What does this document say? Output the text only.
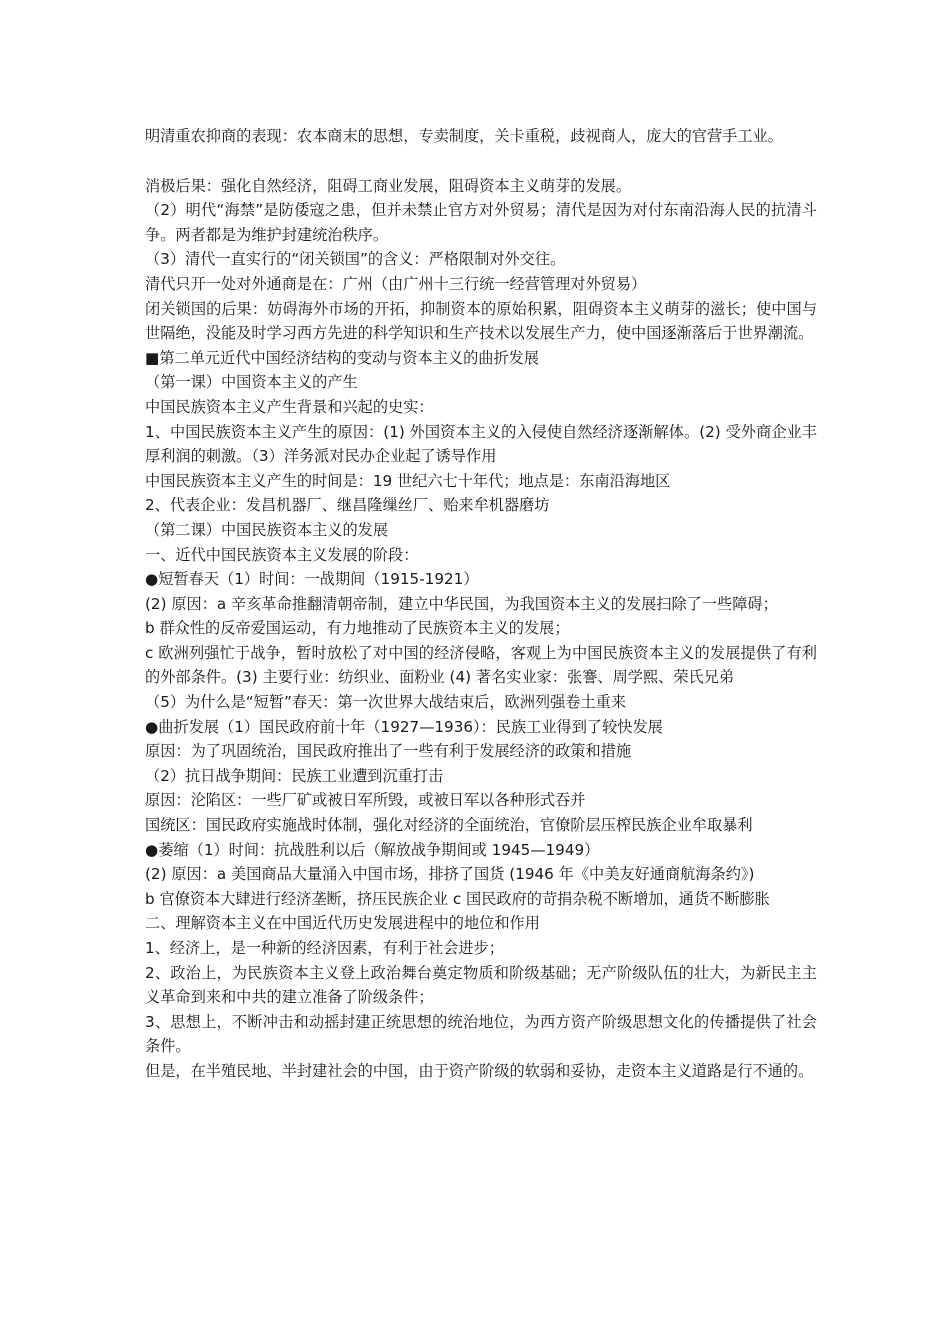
明清重农抑商的表现：农本商末的思想，专卖制度，关卡重税，歧视商人，庞大的官营手工业。

消极后果：强化自然经济，阻碍工商业发展，阻碍资本主义萌芽的发展。

（2）明代“海禁”是防倭寇之患，但并未禁止官方对外贸易；清代是因为对付东南沿海人民的抗清斗争。两者都是为维护封建统治秩序。

（3）清代一直实行的“闭关锁国”的含义：严格限制对外交往。

清代只开一处对外通商是在：广州（由广州十三行统一经营管理对外贸易）

闭关锁国的后果：妨碍海外市场的开拓，抑制资本的原始积累，阻碍资本主义萌芽的滋长；使中国与世隔绝，没能及时学习西方先进的科学知识和生产技术以发展生产力，使中国逐渐落后于世界潮流。

■第二单元近代中国经济结构的变动与资本主义的曲折发展

（第一课）中国资本主义的产生

中国民族资本主义产生背景和兴起的史实：

1、中国民族资本主义产生的原因：(1) 外国资本主义的入侵使自然经济逐渐解体。(2) 受外商企业丰厚利润的刺激。（3）洋务派对民办企业起了诱导作用

中国民族资本主义产生的时间是：19 世纪六七十年代；地点是：东南沿海地区

2、代表企业：发昌机器厂、继昌隆缫丝厂、贻来牟机器磨坊

（第二课）中国民族资本主义的发展

一、近代中国民族资本主义发展的阶段：

●短暂春天（1）时间：一战期间（1915-1921）

(2) 原因：a 辛亥革命推翻清朝帝制，建立中华民国，为我国资本主义的发展扫除了一些障碍；

b 群众性的反帝爱国运动，有力地推动了民族资本主义的发展；

c 欧洲列强忙于战争，暂时放松了对中国的经济侵略，客观上为中国民族资本主义的发展提供了有利的外部条件。(3) 主要行业：纺织业、面粉业 (4) 著名实业家：张謇、周学熙、荣氏兄弟

（5）为什么是“短暂”春天：第一次世界大战结束后，欧洲列强卷土重来

●曲折发展（1）国民政府前十年（1927—1936）：民族工业得到了较快发展

原因：为了巩固统治，国民政府推出了一些有利于发展经济的政策和措施

（2）抗日战争期间：民族工业遭到沉重打击

原因：沦陷区：一些厂矿或被日军所毁，或被日军以各种形式吞并

国统区：国民政府实施战时体制，强化对经济的全面统治，官僚阶层压榨民族企业牟取暴利

●萎缩（1）时间：抗战胜利以后（解放战争期间或 1945—1949）

(2) 原因：a 美国商品大量涌入中国市场，排挤了国货 (1946 年《中美友好通商航海条约》)

b 官僚资本大肆进行经济垄断，挤压民族企业 c 国民政府的苛捐杂税不断增加，通货不断膨胀

二、理解资本主义在中国近代历史发展进程中的地位和作用

1、经济上，是一种新的经济因素，有利于社会进步；

2、政治上，为民族资本主义登上政治舞台奠定物质和阶级基础；无产阶级队伍的壮大，为新民主主义革命到来和中共的建立准备了阶级条件；

3、思想上，不断冲击和动摇封建正统思想的统治地位，为西方资产阶级思想文化的传播提供了社会条件。

但是，在半殖民地、半封建社会的中国，由于资产阶级的软弱和妥协，走资本主义道路是行不通的。
